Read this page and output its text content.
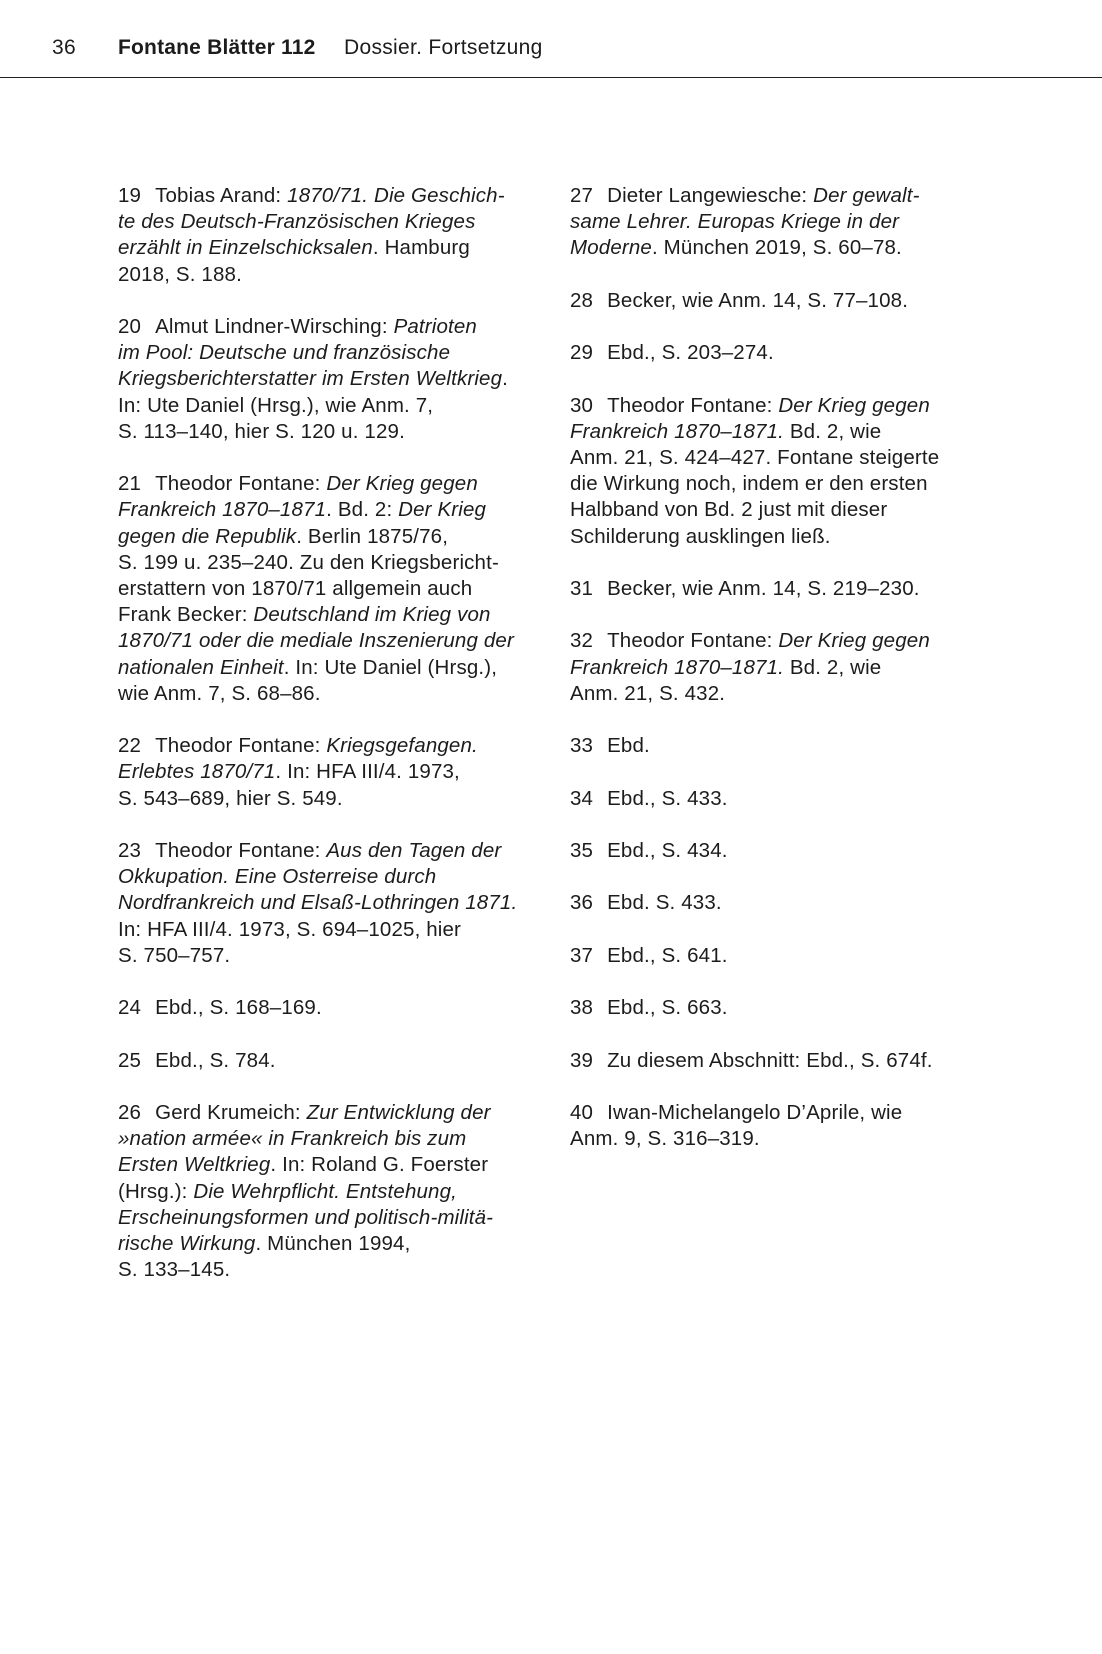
36 Fontane Blätter 112 Dossier. Fortsetzung
19 Tobias Arand: 1870/71. Die Geschich-
te des Deutsch-Französischen Krieges
erzählt in Einzelschicksalen. Hamburg
2018, S. 188.
20 Almut Lindner-Wirsching: Patrioten
im Pool: Deutsche und französische
Kriegsberichterstatter im Ersten Weltkrieg.
In: Ute Daniel (Hrsg.), wie Anm. 7,
S. 113–140, hier S. 120 u. 129.
21 Theodor Fontane: Der Krieg gegen
Frankreich 1870–1871. Bd. 2: Der Krieg
gegen die Republik. Berlin 1875/76,
S. 199 u. 235–240. Zu den Kriegsbericht-
erstattern von 1870/71 allgemein auch
Frank Becker: Deutschland im Krieg von
1870/71 oder die mediale Inszenierung der
nationalen Einheit. In: Ute Daniel (Hrsg.),
wie Anm. 7, S. 68–86.
22 Theodor Fontane: Kriegsgefangen.
Erlebtes 1870/71. In: HFA III/4. 1973,
S. 543–689, hier S. 549.
23 Theodor Fontane: Aus den Tagen der
Okkupation. Eine Osterreise durch
Nordfrankreich und Elsaß-Lothringen 1871.
In: HFA III/4. 1973, S. 694–1025, hier
S. 750–757.
24 Ebd., S. 168–169.
25 Ebd., S. 784.
26 Gerd Krumeich: Zur Entwicklung der
»nation armée« in Frankreich bis zum
Ersten Weltkrieg. In: Roland G. Foerster
(Hrsg.): Die Wehrpflicht. Entstehung,
Erscheinungsformen und politisch-militä-
rische Wirkung. München 1994,
S. 133–145.
27 Dieter Langewiesche: Der gewalt-
same Lehrer. Europas Kriege in der
Moderne. München 2019, S. 60–78.
28 Becker, wie Anm. 14, S. 77–108.
29 Ebd., S. 203–274.
30 Theodor Fontane: Der Krieg gegen
Frankreich 1870–1871. Bd. 2, wie
Anm. 21, S. 424–427. Fontane steigerte
die Wirkung noch, indem er den ersten
Halbband von Bd. 2 just mit dieser
Schilderung ausklingen ließ.
31 Becker, wie Anm. 14, S. 219–230.
32 Theodor Fontane: Der Krieg gegen
Frankreich 1870–1871. Bd. 2, wie
Anm. 21, S. 432.
33 Ebd.
34 Ebd., S. 433.
35 Ebd., S. 434.
36 Ebd. S. 433.
37 Ebd., S. 641.
38 Ebd., S. 663.
39 Zu diesem Abschnitt: Ebd., S. 674f.
40 Iwan-Michelangelo D’Aprile, wie
Anm. 9, S. 316–319.
